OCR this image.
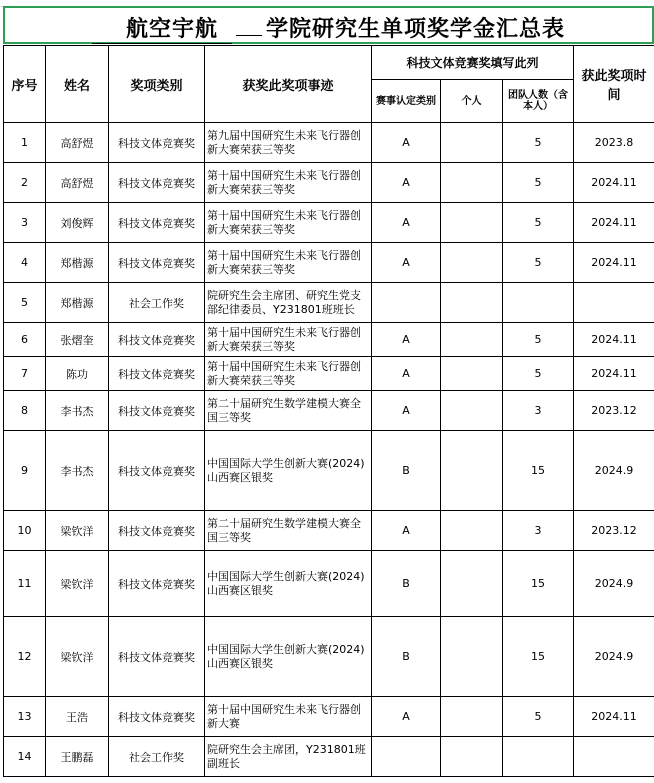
航空宇航 学院研究生单项奖学金汇总表
序号	姓名	奖项类别	获奖此奖项事迹	科技文体竞赛奖填写此列			获此奖项时间
				赛事认定类别	个人	团队人数（含本人）	
1	高舒煜	科技文体竞赛奖	第九届中国研究生未来飞行器创新大赛荣获三等奖	A		5	2023.8
2	高舒煜	科技文体竞赛奖	第十届中国研究生未来飞行器创新大赛荣获三等奖	A		5	2024.11
3	刘俊辉	科技文体竞赛奖	第十届中国研究生未来飞行器创新大赛荣获三等奖	A		5	2024.11
4	郑楷源	科技文体竞赛奖	第十届中国研究生未来飞行器创新大赛荣获三等奖	A		5	2024.11
5	郑楷源	社会工作奖	院研究生会主席团、研究生党支部纪律委员、Y231801班班长				
6	张熠奎	科技文体竞赛奖	第十届中国研究生未来飞行器创新大赛荣获三等奖	A		5	2024.11
7	陈功	科技文体竞赛奖	第十届中国研究生未来飞行器创新大赛荣获三等奖	A		5	2024.11
8	李书杰	科技文体竞赛奖	第二十届研究生数学建模大赛全国三等奖	A		3	2023.12
9	李书杰	科技文体竞赛奖	中国国际大学生创新大赛(2024)山西赛区银奖	B		15	2024.9
10	梁钦洋	科技文体竞赛奖	第二十届研究生数学建模大赛全国三等奖	A		3	2023.12
11	梁钦洋	科技文体竞赛奖	中国国际大学生创新大赛(2024)山西赛区银奖	B		15	2024.9
12	梁钦洋	科技文体竞赛奖	中国国际大学生创新大赛(2024)山西赛区银奖	B		15	2024.9
13	王浩	科技文体竞赛奖	第十届中国研究生未来飞行器创新大赛	A		5	2024.11
14	王鹏磊	社会工作奖	院研究生会主席团，Y231801班副班长				
